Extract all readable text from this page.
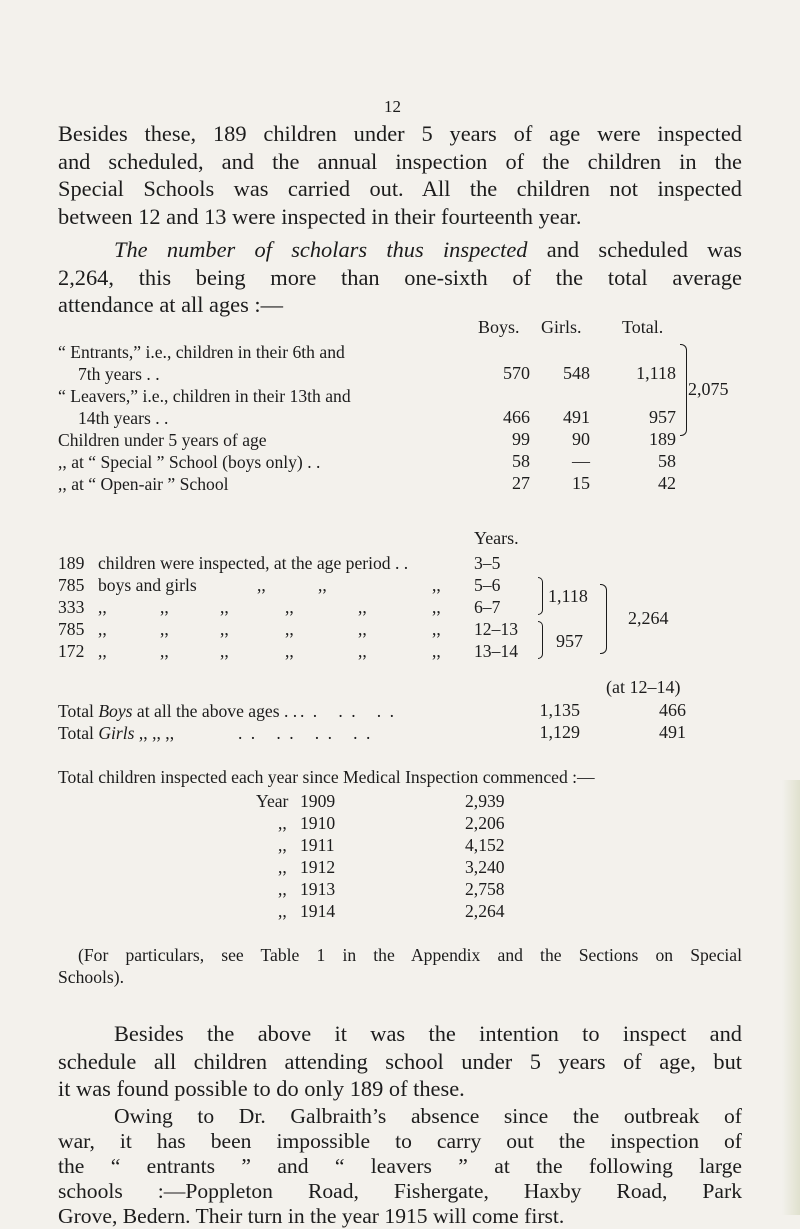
12
Besides these, 189 children under 5 years of age were inspected
and scheduled, and the annual inspection of the children in the
Special Schools was carried out. All the children not inspected
between 12 and 13 were inspected in their fourteenth year.
The number of scholars thus inspected and scheduled was
2,264, this being more than one-sixth of the total average
attendance at all ages :—
Boys. Girls. Total.
“ Entrants,” i.e., children in their 6th and
7th years . .	570	548	1,118
“ Leavers,” i.e., children in their 13th and
14th years . .	466	491	957
Children under 5 years of age	99	90	189
,, at “ Special ” School (boys only) . .	58	—	58
,, at “ Open-air ” School	27	15	42
2,075
Years.
189 children were inspected, at the age period . .	3–5
785 boys and girls	,,	,,	,, 5–6
333 ,,	,,	,,	,,	,,	,, 6–7
785 ,,	,,	,,	,,	,,	,, 12–13
172 ,,	,,	,,	,,	,,	,, 13–14
1,118
957
2,264
(at 12–14)
Total Boys at all the above ages . . . .   . .   . .	1,135	466
Total Girls ,, ,, ,,	. .   . .   . .   . .	1,129	491
Total children inspected each year since Medical Inspection commenced :—
Year 1909	2,939
,, 1910	2,206
,, 1911	4,152
,, 1912	3,240
,, 1913	2,758
,, 1914	2,264
(For particulars, see Table 1 in the Appendix and the Sections on Special
Schools).
Besides the above it was the intention to inspect and
schedule all children attending school under 5 years of age, but
it was found possible to do only 189 of these.
Owing to Dr. Galbraith’s absence since the outbreak of
war, it has been impossible to carry out the inspection of
the “ entrants ” and “ leavers ” at the following large
schools :—Poppleton Road, Fishergate, Haxby Road, Park
Grove, Bedern. Their turn in the year 1915 will come first.
